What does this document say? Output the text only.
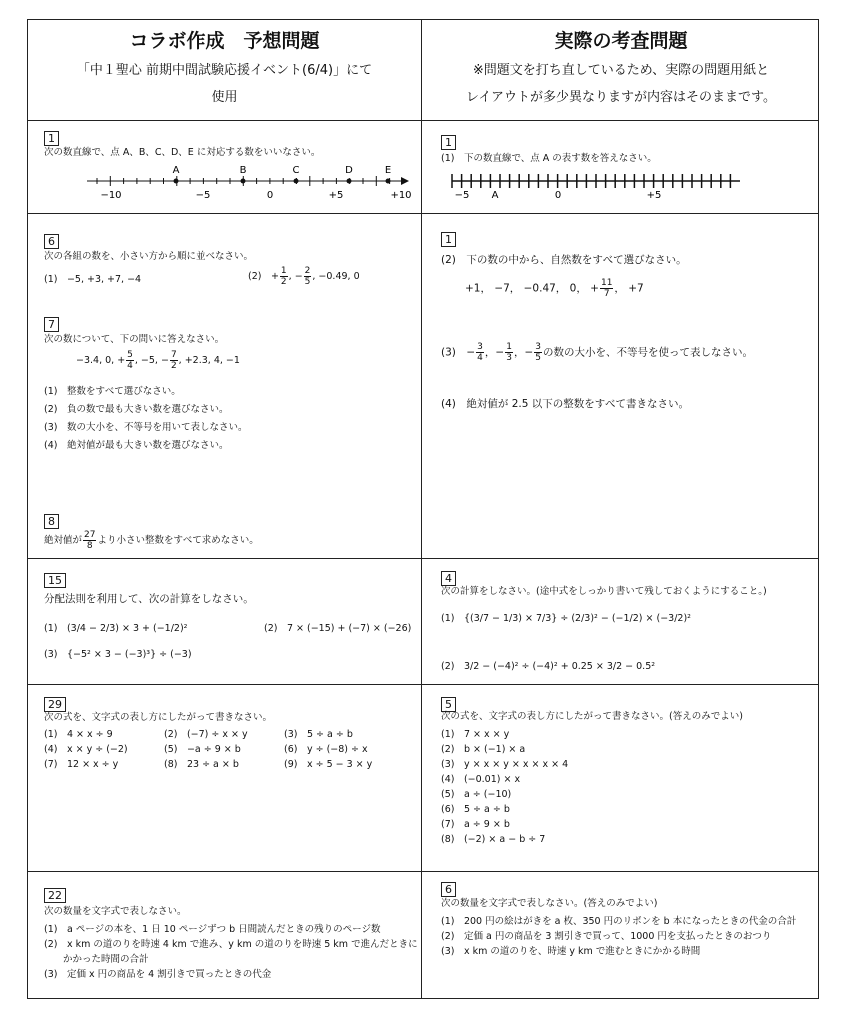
コラボ作成　予想問題
「中１聖心 前期中間試験応援イベント(6/4)」にて
使用
実際の考査問題
※問題文を打ち直しているため、実際の問題用紙と
レイアウトが多少異なりますが内容はそのままです。
1
次の数直線で、点 A、B、C、D、E に対応する数をいいなさい。
−10	−5	0	+5	+10
A	B	C	D	E
1
(1)　下の数直線で、点 A の表す数を答えなさい。
−5 A	0	+5
6
次の各組の数を、小さい方から順に並べなさい。
(1)　−5, +3, +7, −4	(2)　+ $\frac{1}{2}$ , − $\frac{2}{5}$ , −0.49, 0
7
次の数について、下の問いに答えなさい。
−3.4, 0, + $\frac{5}{4}$ , −5, − $\frac{7}{2}$ , +2.3, 4, −1
(1)　整数をすべて選びなさい。
(2)　負の数で最も大きい数を選びなさい。
(3)　数の大小を、不等号を用いて表しなさい。
(4)　絶対値が最も大きい数を選びなさい。
8
絶対値が $\frac{27}{8}$ より小さい整数をすべて求めなさい。
1
(2)　下の数の中から、自然数をすべて選びなさい。
+1， −7， −0.47， 0， + $\frac{11}{7}$ ， +7
(3)　− $\frac{3}{4}$ ，− $\frac{1}{3}$ ，− $\frac{3}{5}$ の数の大小を、不等号を使って表しなさい。
(4)　絶対値が 2.5 以下の整数をすべて書きなさい。
15
分配法則を利用して、次の計算をしなさい。
(1)　(3/4 − 2/3) × 3 + (−1/2)²	(2)　7 × (−15) + (−7) × (−26)
(3)　{−5² × 3 − (−3)³} ÷ (−3)
4
次の計算をしなさい。(途中式をしっかり書いて残しておくようにすること。)
(1)　{(3/7 − 1/3) × 7/3} ÷ (2/3)² − (−1/2) × (−3/2)²
(2)　3/2 − (−4)² ÷ (−4)² + 0.25 × 3/2 − 0.5²
29
次の式を、文字式の表し方にしたがって書きなさい。
(1)　4 × x ÷ 9	(2)　(−7) ÷ x × y	(3)　5 ÷ a ÷ b
(4)　x × y ÷ (−2)	(5)　−a ÷ 9 × b	(6)　y ÷ (−8) ÷ x
(7)　12 × x ÷ y	(8)　23 ÷ a × b	(9)　x ÷ 5 − 3 × y
5
次の式を、文字式の表し方にしたがって書きなさい。(答えのみでよい)
(1)　7 × x × y
(2)　b × (−1) × a
(3)　y × x × y × x × x × 4
(4)　(−0.01) × x
(5)　a ÷ (−10)
(6)　5 ÷ a ÷ b
(7)　a ÷ 9 × b
(8)　(−2) × a − b ÷ 7
22
次の数量を文字式で表しなさい。
(1)　a ページの本を、1 日 10 ページずつ b 日間読んだときの残りのページ数
(2)　x km の道のりを時速 4 km で進み、y km の道のりを時速 5 km で進んだときに
　　かかった時間の合計
(3)　定価 x 円の商品を 4 割引きで買ったときの代金
6
次の数量を文字式で表しなさい。(答えのみでよい)
(1)　200 円の絵はがきを a 枚、350 円のリボンを b 本になったときの代金の合計
(2)　定価 a 円の商品を 3 割引きで買って、1000 円を支払ったときのおつり
(3)　x km の道のりを、時速 y km で進むときにかかる時間
